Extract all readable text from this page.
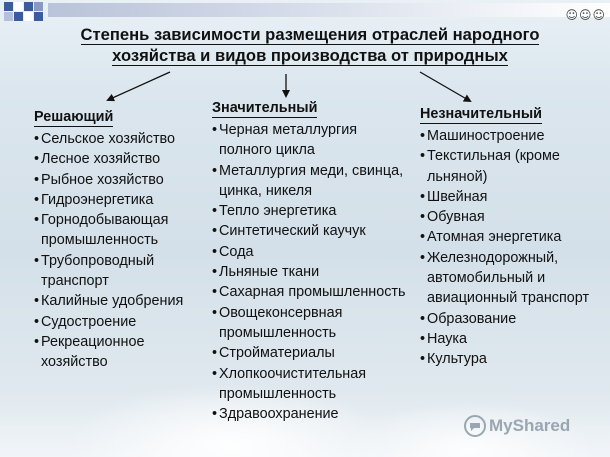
☺☺☺
Степень зависимости размещения отраслей народного
хозяйства и видов производства от природных
Решающий
• Сельское хозяйство
• Лесное хозяйство
• Рыбное хозяйство
• Гидроэнергетика
• Горнодобывающая промышленность
• Трубопроводный транспорт
• Калийные удобрения
• Судостроение
• Рекреационное хозяйство
Значительный
• Черная металлургия полного цикла
• Металлургия меди, свинца, цинка, никеля
• Тепло энергетика
• Синтетический каучук
• Сода
• Льняные ткани
• Сахарная промышленность
• Овощеконсервная промышленность
• Стройматериалы
• Хлопкоочистительная промышленность
• Здравоохранение
Незначительный
• Машиностроение
• Текстильная (кроме льняной)
• Швейная
• Обувная
• Атомная энергетика
• Железнодорожный, автомобильный и авиационный транспорт
• Образование
• Наука
• Культура
MyShared
